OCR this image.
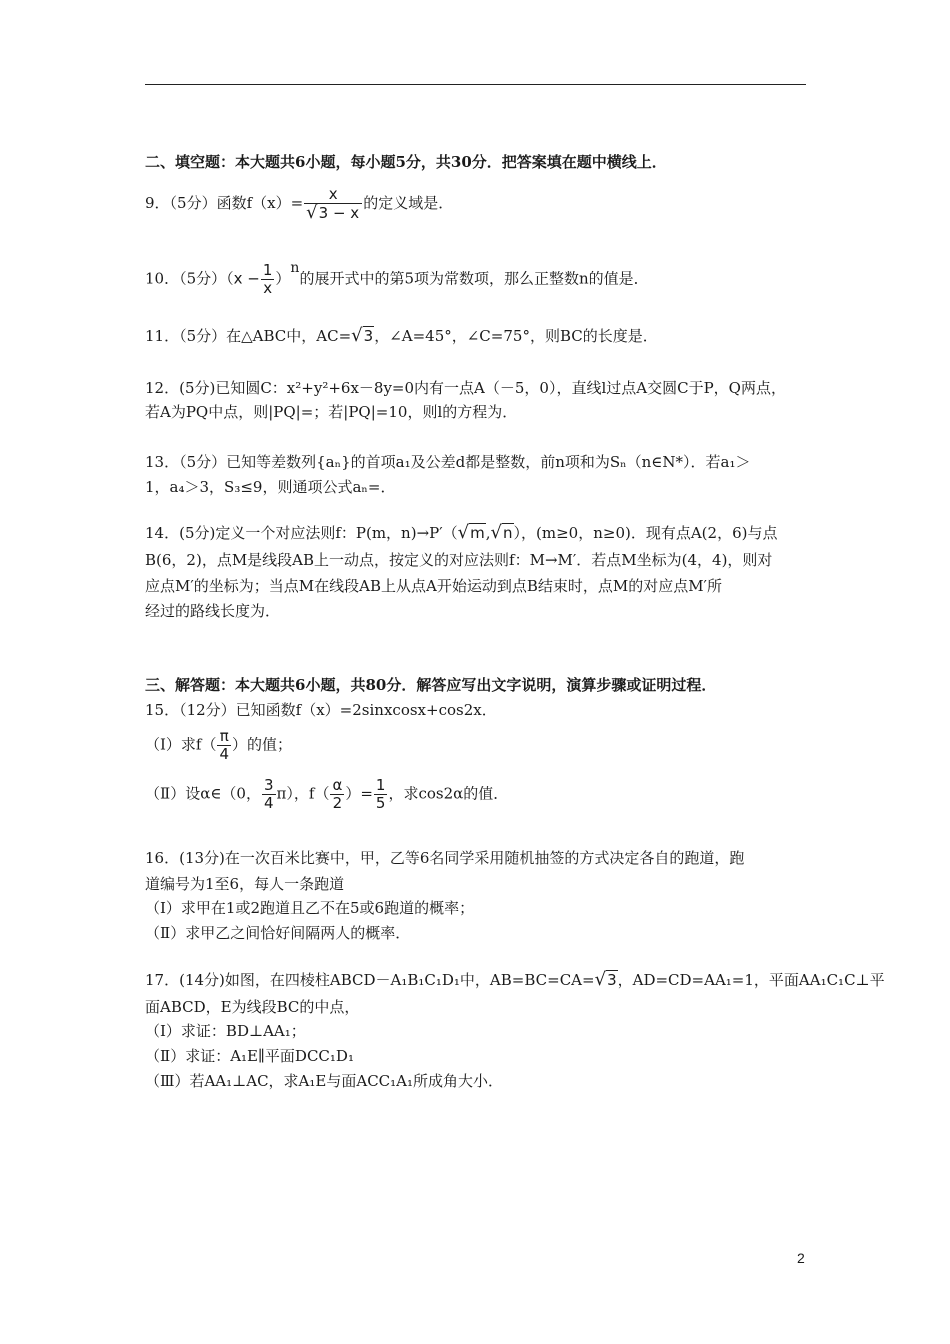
二、填空题：本大题共6小题，每小题5分，共30分．把答案填在题中横线上．
9．（5分）函数$f(x)= \frac{x}{√3 - x}$ 的定义域是．
10．（5分）$(x - \frac{1}{x} )^n$的展开式中的第5项为常数项，那么正整数n的值是．
11．（5分）在△ABC中，AC=√3，∠A=45°，∠C=75°，则BC的长度是．
12．(5分)已知圆C：x²+y²+6x－8y=0内有一点A（－5，0），直线l过点A交圆C于P，Q两点，
若A为PQ中点，则|PQ|=；若|PQ|=10，则l的方程为．
13．（5分）已知等差数列{aₙ}的首项a₁及公差d都是整数，前n项和为Sₙ（n∈N*）．若a₁＞
1，a₄＞3，S₃≤9，则通项公式aₙ=．
14．(5分)定义一个对应法则f：P(m，n)→P′（√m,√n），(m≥0，n≥0)．现有点A(2，6)与点
B(6，2)，点M是线段AB上一动点，按定义的对应法则f：M→M′．若点M坐标为(4，4)，则对
应点M′的坐标为；当点M在线段AB上从点A开始运动到点B结束时，点M的对应点M′所
经过的路线长度为．
三、解答题：本大题共6小题，共80分．解答应写出文字说明，演算步骤或证明过程．
15．（12分）已知函数f（x）=2sinxcosx+cos2x．
（Ⅰ）求$f( \frac{\pi}{4}$ ）的值；
（Ⅱ）设α∈（0， $\frac{3}{4} \pi$），$f( \frac{\alpha}{2}$ ）= $\frac{1}{5}$ ，求cos2α的值．
16．(13分)在一次百米比赛中，甲，乙等6名同学采用随机抽签的方式决定各自的跑道，跑
道编号为1至6，每人一条跑道
（Ⅰ）求甲在1或2跑道且乙不在5或6跑道的概率；
（Ⅱ）求甲乙之间恰好间隔两人的概率．
17．(14分)如图，在四棱柱ABCD－A₁B₁C₁D₁中，AB=BC=CA=√3，AD=CD=AA₁=1，平面AA₁C₁C⊥平
面ABCD，E为线段BC的中点，
（Ⅰ）求证：BD⊥AA₁；
（Ⅱ）求证：A₁E∥平面DCC₁D₁
（Ⅲ）若AA₁⊥AC，求A₁E与面ACC₁A₁所成角大小．
2
